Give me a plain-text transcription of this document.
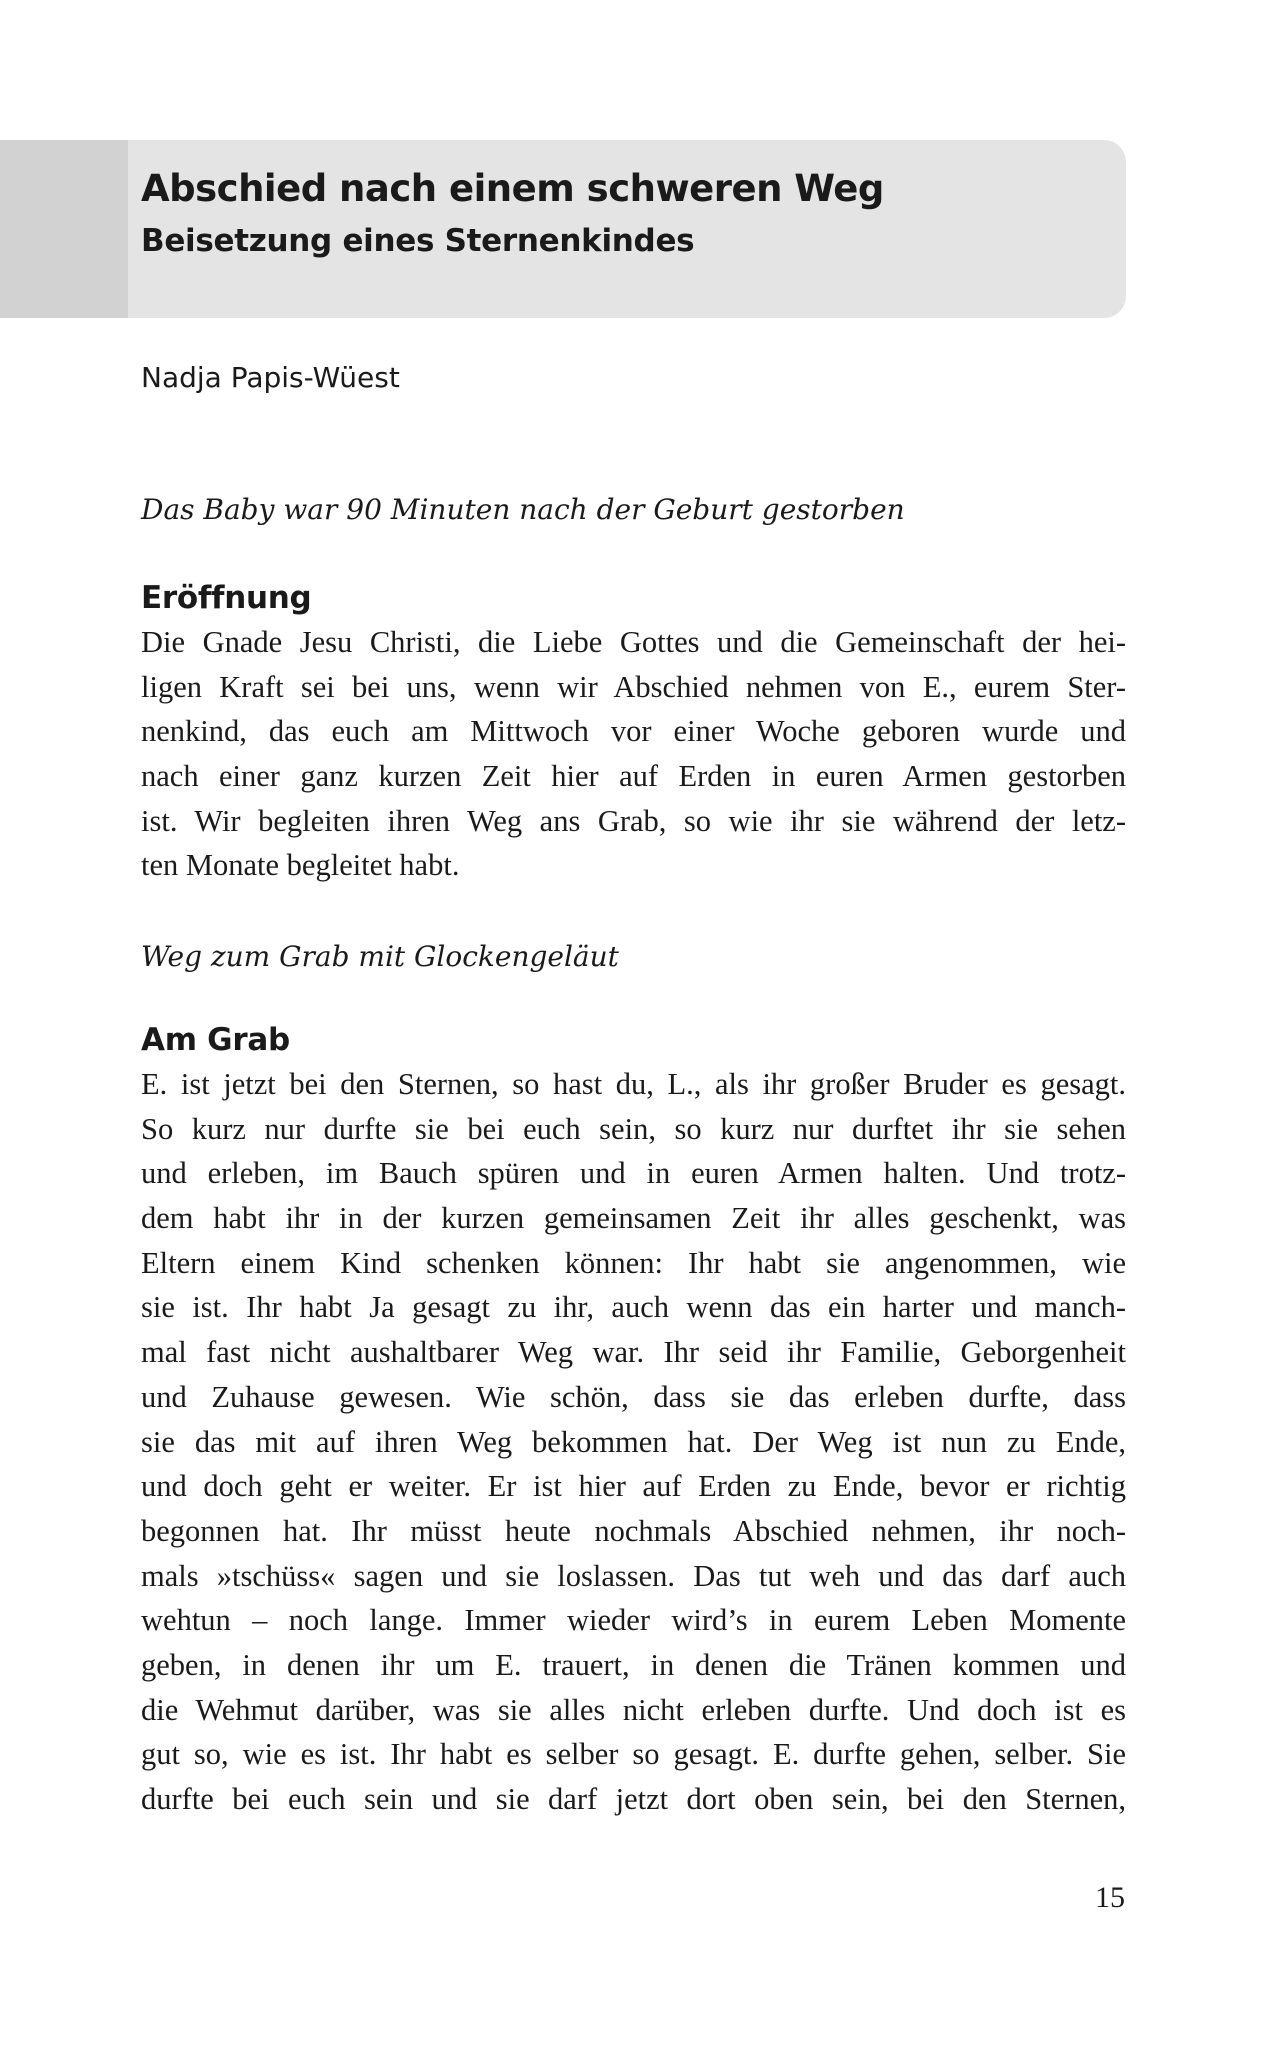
Abschied nach einem schweren Weg
Beisetzung eines Sternenkindes
Nadja Papis-Wüest

Das Baby war 90 Minuten nach der Geburt gestorben

Eröffnung
Die Gnade Jesu Christi, die Liebe Gottes und die Gemeinschaft der hei-
ligen Kraft sei bei uns, wenn wir Abschied nehmen von E., eurem Ster-
nenkind, das euch am Mittwoch vor einer Woche geboren wurde und
nach einer ganz kurzen Zeit hier auf Erden in euren Armen gestorben
ist. Wir begleiten ihren Weg ans Grab, so wie ihr sie während der letz-
ten Monate begleitet habt.

Weg zum Grab mit Glockengeläut

Am Grab
E. ist jetzt bei den Sternen, so hast du, L., als ihr großer Bruder es gesagt.
So kurz nur durfte sie bei euch sein, so kurz nur durftet ihr sie sehen
und erleben, im Bauch spüren und in euren Armen halten. Und trotz-
dem habt ihr in der kurzen gemeinsamen Zeit ihr alles geschenkt, was
Eltern einem Kind schenken können: Ihr habt sie angenommen, wie
sie ist. Ihr habt Ja gesagt zu ihr, auch wenn das ein harter und manch-
mal fast nicht aushaltbarer Weg war. Ihr seid ihr Familie, Geborgenheit
und Zuhause gewesen. Wie schön, dass sie das erleben durfte, dass
sie das mit auf ihren Weg bekommen hat. Der Weg ist nun zu Ende,
und doch geht er weiter. Er ist hier auf Erden zu Ende, bevor er richtig
begonnen hat. Ihr müsst heute nochmals Abschied nehmen, ihr noch-
mals »tschüss« sagen und sie loslassen. Das tut weh und das darf auch
wehtun – noch lange. Immer wieder wird’s in eurem Leben Momente
geben, in denen ihr um E. trauert, in denen die Tränen kommen und
die Wehmut darüber, was sie alles nicht erleben durfte. Und doch ist es
gut so, wie es ist. Ihr habt es selber so gesagt. E. durfte gehen, selber. Sie
durfte bei euch sein und sie darf jetzt dort oben sein, bei den Sternen,
15
